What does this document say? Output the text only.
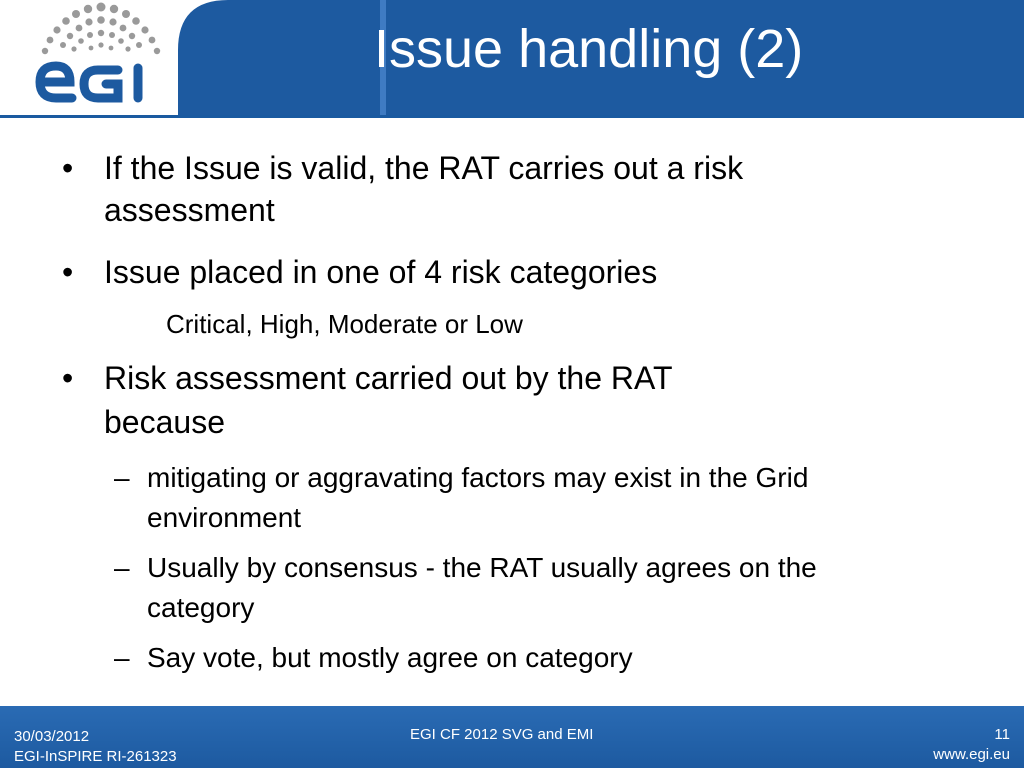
Issue handling (2)
• If the Issue is valid, the RAT carries out a risk
assessment
• Issue placed in one of 4 risk categories
Critical, High, Moderate or Low
• Risk assessment carried out by the RAT
because
– mitigating or aggravating factors may exist in the Grid
environment
– Usually by consensus - the RAT usually agrees on the
category
– Say vote, but mostly agree on category
30/03/2012
EGI-InSPIRE RI-261323
EGI CF 2012 SVG and EMI	11
www.egi.eu
